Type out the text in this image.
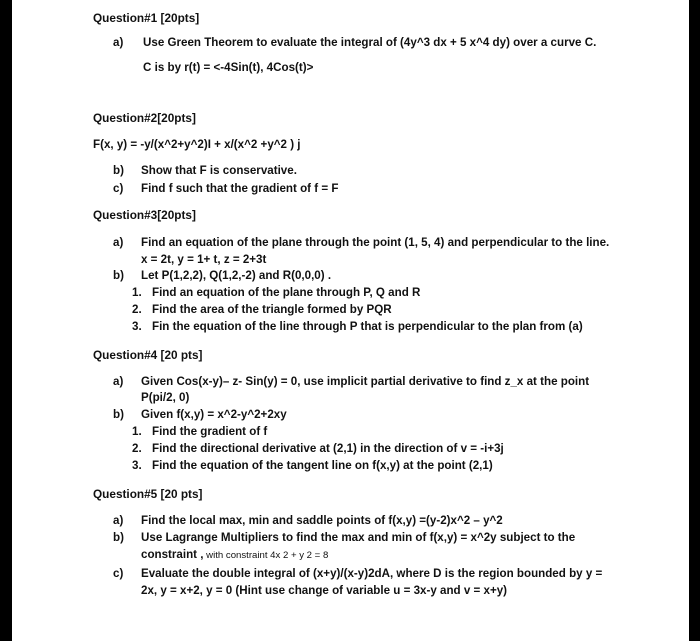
Question#1 [20pts]
a) Use Green Theorem to evaluate the integral of (4y^3 dx + 5 x^4 dy) over a curve C.
C is by r(t) = <-4Sin(t), 4Cos(t)>
Question#2[20pts]
F(x, y) = -y/(x^2+y^2)I + x/(x^2 +y^2 ) j
b) Show that F is conservative.
c) Find f such that the gradient of f = F
Question#3[20pts]
a) Find an equation of the plane through the point (1, 5, 4) and perpendicular to the line.
x = 2t, y = 1+ t, z = 2+3t
b) Let P(1,2,2), Q(1,2,-2) and R(0,0,0) .
1. Find an equation of the plane through P, Q and R
2. Find the area of the triangle formed by PQR
3. Fin the equation of the line through P that is perpendicular to the plan from (a)
Question#4 [20 pts]
a) Given Cos(x-y)– z- Sin(y) = 0, use implicit partial derivative to find z_x at the point
P(pi/2, 0)
b) Given f(x,y) = x^2-y^2+2xy
1. Find the gradient of f
2. Find the directional derivative at (2,1) in the direction of v = -i+3j
3. Find the equation of the tangent line on f(x,y) at the point (2,1)
Question#5 [20 pts]
a) Find the local max, min and saddle points of f(x,y) =(y-2)x^2 – y^2
b) Use Lagrange Multipliers to find the max and min of f(x,y) = x^2y subject to the
constraint , with constraint 4x 2 + y 2 = 8
c) Evaluate the double integral of (x+y)/(x-y)2dA, where D is the region bounded by y =
2x, y = x+2, y = 0 (Hint use change of variable u = 3x-y and v = x+y)
